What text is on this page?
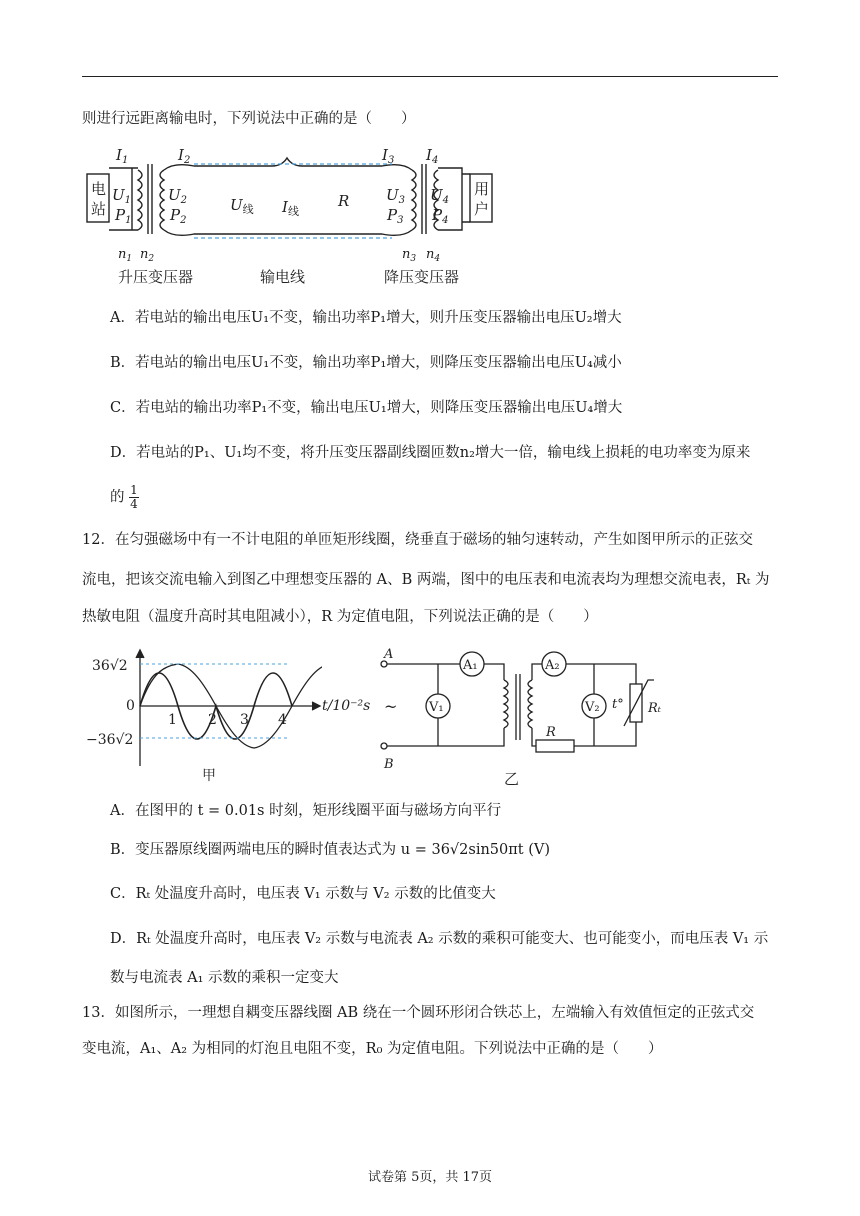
则进行远距离输电时，下列说法中正确的是（　　）
电
站
用
户
$I_1$	$I_2$	$I_3$ $I_4$
$U_1$
$P_1$
$U_2$
$P_2$
$U_线$ $I_线$
R $U_3$
$P_3$
$U_4$
$P_4$
$n_1$ $n_2$	$n_3$ $n_4$
升压变压器	输电线	降压变压器
A．若电站的输出电压U₁不变，输出功率P₁增大，则升压变压器输出电压U₂增大
B．若电站的输出电压U₁不变，输出功率P₁增大，则降压变压器输出电压U₄减小
C．若电站的输出功率P₁不变，输出电压U₁增大，则降压变压器输出电压U₄增大
D．若电站的P₁、U₁均不变，将升压变压器副线圈匝数n₂增大一倍，输电线上损耗的电功率变为原来
的 $\frac{1}{4}$
12．在匀强磁场中有一不计电阻的单匝矩形线圈，绕垂直于磁场的轴匀速转动，产生如图甲所示的正弦交
流电，把该交流电输入到图乙中理想变压器的 A、B 两端，图中的电压表和电流表均为理想交流电表，Rₜ 为
热敏电阻（温度升高时其电阻减小），R 为定值电阻，下列说法正确的是（　　）
36√2
0
−36√2
1 2 3 4
t/10⁻²s
甲
A
B
~
A₁	A₂
V₁	V₂
R
t° Rₜ
乙
A．在图甲的 t = 0.01s 时刻，矩形线圈平面与磁场方向平行
B．变压器原线圈两端电压的瞬时值表达式为 u = 36√2sin50πt (V)
C．Rₜ 处温度升高时，电压表 V₁ 示数与 V₂ 示数的比值变大
D．Rₜ 处温度升高时，电压表 V₂ 示数与电流表 A₂ 示数的乘积可能变大、也可能变小，而电压表 V₁ 示
数与电流表 A₁ 示数的乘积一定变大
13．如图所示，一理想自耦变压器线圈 AB 绕在一个圆环形闭合铁芯上，左端输入有效值恒定的正弦式交
变电流，A₁、A₂ 为相同的灯泡且电阻不变，R₀ 为定值电阻。下列说法中正确的是（　　）
试卷第 5页，共 17页
